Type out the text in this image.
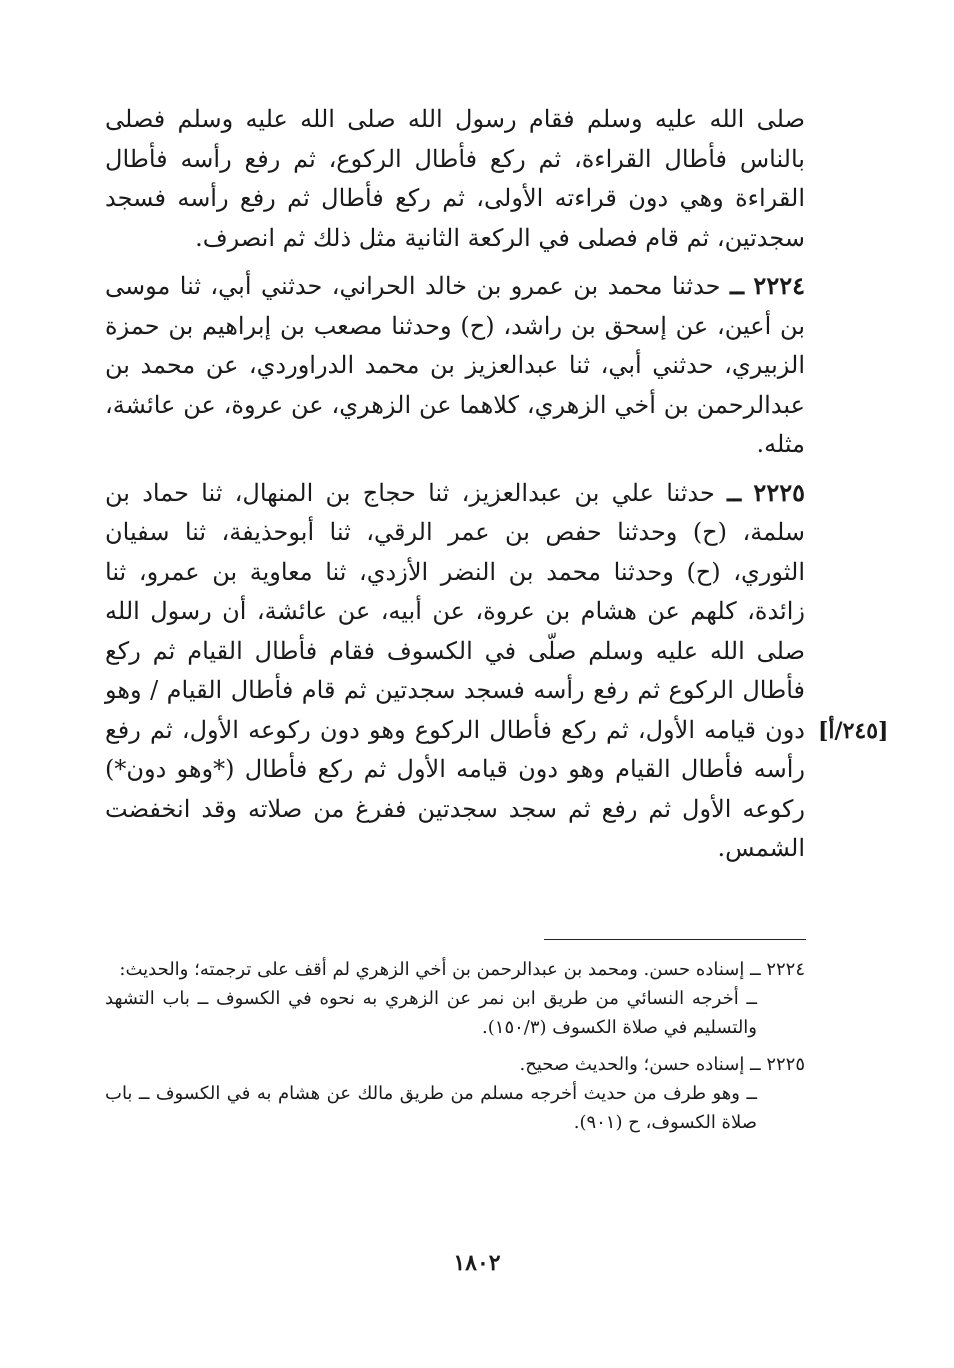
صلى الله عليه وسلم فقام رسول الله صلى الله عليه وسلم فصلى بالناس فأطال القراءة، ثم ركع فأطال الركوع، ثم رفع رأسه فأطال القراءة وهي دون قراءته الأولى، ثم ركع فأطال ثم رفع رأسه فسجد سجدتين، ثم قام فصلى في الركعة الثانية مثل ذلك ثم انصرف.

٢٢٢٤ ــ حدثنا محمد بن عمرو بن خالد الحراني، حدثني أبي، ثنا موسى بن أعين، عن إسحق بن راشد، (ح) وحدثنا مصعب بن إبراهيم بن حمزة الزبيري، حدثني أبي، ثنا عبدالعزيز بن محمد الدراوردي، عن محمد بن عبدالرحمن بن أخي الزهري، كلاهما عن الزهري، عن عروة، عن عائشة، مثله.

٢٢٢٥ ــ حدثنا علي بن عبدالعزيز، ثنا حجاج بن المنهال، ثنا حماد بن سلمة، (ح) وحدثنا حفص بن عمر الرقي، ثنا أبوحذيفة، ثنا سفيان الثوري، (ح) وحدثنا محمد بن النضر الأزدي، ثنا معاوية بن عمرو، ثنا زائدة، كلهم عن هشام بن عروة، عن أبيه، عن عائشة، أن رسول الله صلى الله عليه وسلم صلّى في الكسوف فقام فأطال القيام ثم ركع فأطال الركوع ثم رفع رأسه فسجد سجدتين ثم قام فأطال القيام / وهو دون قيامه الأول، ثم ركع فأطال الركوع وهو دون ركوعه الأول، ثم رفع رأسه فأطال القيام وهو دون قيامه الأول ثم ركع فأطال (*وهو دون*) ركوعه الأول ثم رفع ثم سجد سجدتين ففرغ من صلاته وقد انخفضت الشمس.

[٢٤٥/أ]
٢٢٢٤ ــ إسناده حسن. ومحمد بن عبدالرحمن بن أخي الزهري لم أقف على ترجمته؛ والحديث:
ــ أخرجه النسائي من طريق ابن نمر عن الزهري به نحوه في الكسوف ــ باب التشهد والتسليم في صلاة الكسوف (١٥٠/٣).
٢٢٢٥ ــ إسناده حسن؛ والحديث صحيح.
ــ وهو طرف من حديث أخرجه مسلم من طريق مالك عن هشام به في الكسوف ــ باب صلاة الكسوف، ح (٩٠١).
١٨٠٢
